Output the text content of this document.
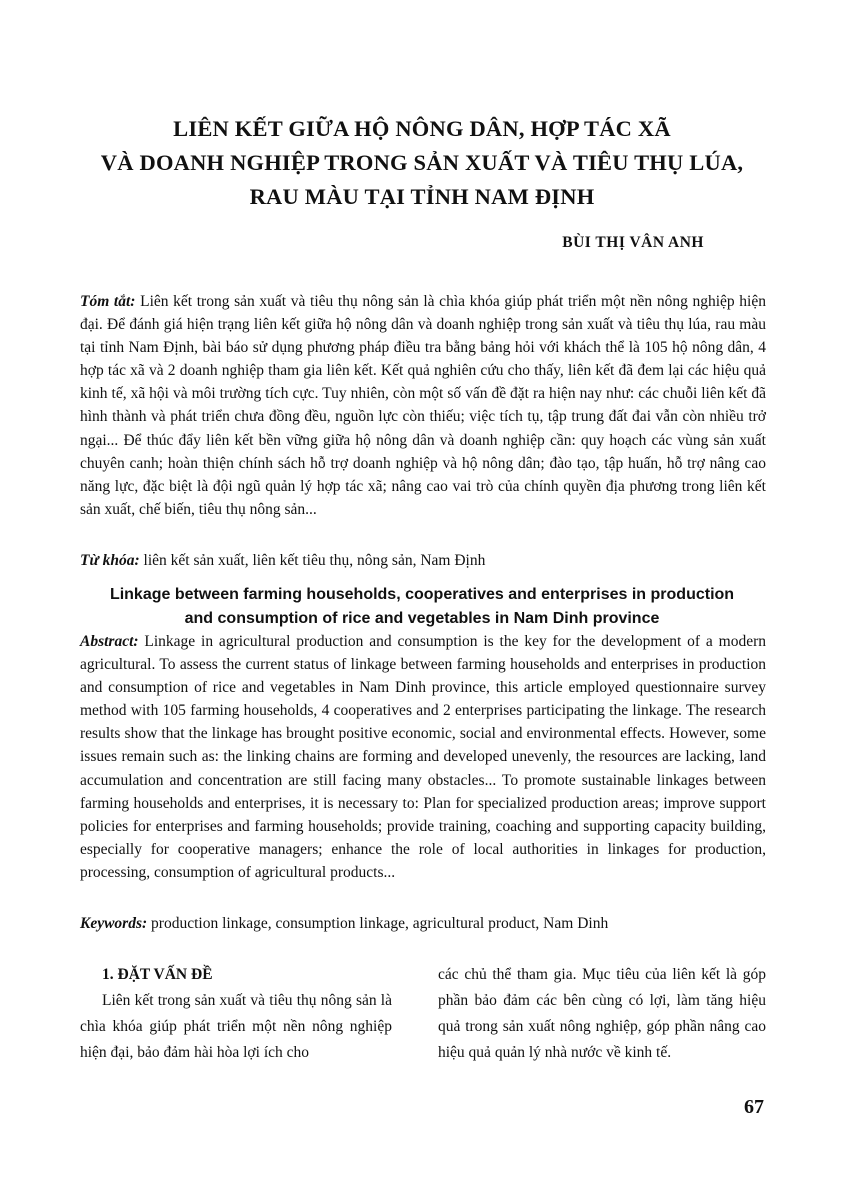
LIÊN KẾT GIỮA HỘ NÔNG DÂN, HỢP TÁC XÃ
VÀ DOANH NGHIỆP TRONG SẢN XUẤT VÀ TIÊU THỤ LÚA,
RAU MÀU TẠI TỈNH NAM ĐỊNH
BÙI THỊ VÂN ANH
Tóm tắt: Liên kết trong sản xuất và tiêu thụ nông sản là chìa khóa giúp phát triển một nền nông nghiệp hiện đại. Để đánh giá hiện trạng liên kết giữa hộ nông dân và doanh nghiệp trong sản xuất và tiêu thụ lúa, rau màu tại tỉnh Nam Định, bài báo sử dụng phương pháp điều tra bằng bảng hỏi với khách thể là 105 hộ nông dân, 4 hợp tác xã và 2 doanh nghiệp tham gia liên kết. Kết quả nghiên cứu cho thấy, liên kết đã đem lại các hiệu quả kinh tế, xã hội và môi trường tích cực. Tuy nhiên, còn một số vấn đề đặt ra hiện nay như: các chuỗi liên kết đã hình thành và phát triển chưa đồng đều, nguồn lực còn thiếu; việc tích tụ, tập trung đất đai vẫn còn nhiều trở ngại... Để thúc đẩy liên kết bền vững giữa hộ nông dân và doanh nghiệp cần: quy hoạch các vùng sản xuất chuyên canh; hoàn thiện chính sách hỗ trợ doanh nghiệp và hộ nông dân; đào tạo, tập huấn, hỗ trợ nâng cao năng lực, đặc biệt là đội ngũ quản lý hợp tác xã; nâng cao vai trò của chính quyền địa phương trong liên kết sản xuất, chế biến, tiêu thụ nông sản...
Từ khóa: liên kết sản xuất, liên kết tiêu thụ, nông sản, Nam Định
Linkage between farming households, cooperatives and enterprises in production
and consumption of rice and vegetables in Nam Dinh province
Abstract: Linkage in agricultural production and consumption is the key for the development of a modern agricultural. To assess the current status of linkage between farming households and enterprises in production and consumption of rice and vegetables in Nam Dinh province, this article employed questionnaire survey method with 105 farming households, 4 cooperatives and 2 enterprises participating the linkage. The research results show that the linkage has brought positive economic, social and environmental effects. However, some issues remain such as: the linking chains are forming and developed unevenly, the resources are lacking, land accumulation and concentration are still facing many obstacles... To promote sustainable linkages between farming households and enterprises, it is necessary to: Plan for specialized production areas; improve support policies for enterprises and farming households; provide training, coaching and supporting capacity building, especially for cooperative managers; enhance the role of local authorities in linkages for production, processing, consumption of agricultural products...
Keywords: production linkage, consumption linkage, agricultural product, Nam Dinh

1. ĐẶT VẤN ĐỀ

Liên kết trong sản xuất và tiêu thụ nông sản là chìa khóa giúp phát triển một nền nông nghiệp hiện đại, bảo đảm hài hòa lợi ích cho

các chủ thể tham gia. Mục tiêu của liên kết là góp phần bảo đảm các bên cùng có lợi, làm tăng hiệu quả trong sản xuất nông nghiệp, góp phần nâng cao hiệu quả quản lý nhà nước về kinh tế.

67
